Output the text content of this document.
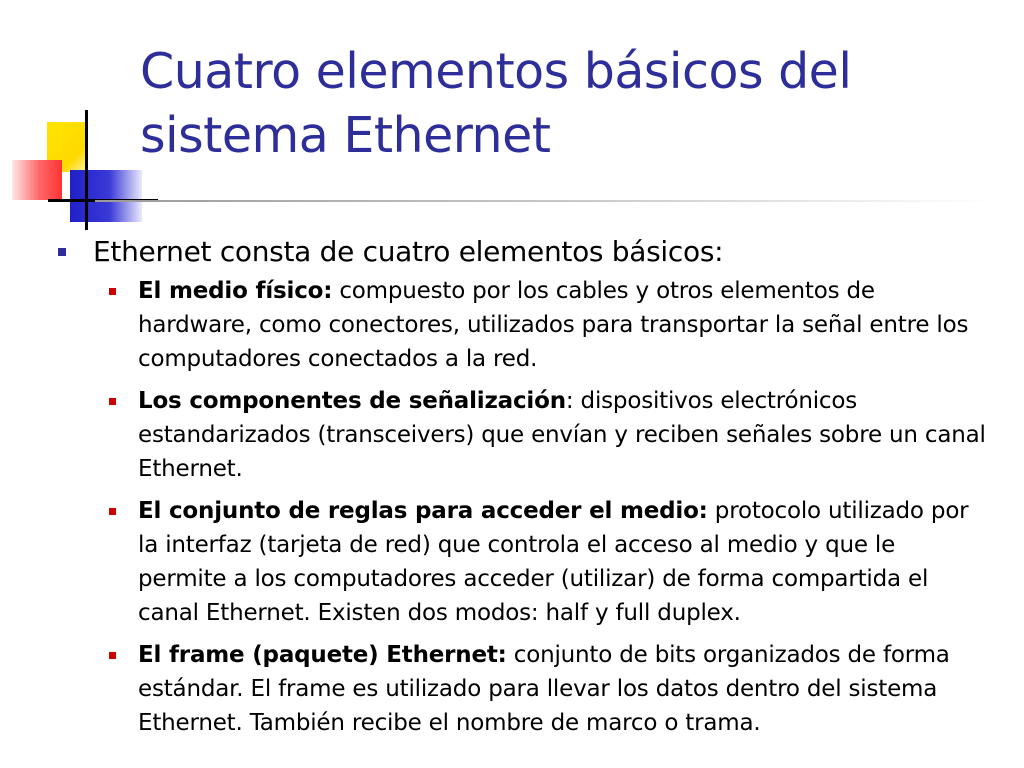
Cuatro elementos básicos del sistema Ethernet
Ethernet consta de cuatro elementos básicos:
El medio físico: compuesto por los cables y otros elementos de hardware, como conectores, utilizados para transportar la señal entre los computadores conectados a la red.
Los componentes de señalización: dispositivos electrónicos estandarizados (transceivers) que envían y reciben señales sobre un canal Ethernet.
El conjunto de reglas para acceder el medio: protocolo utilizado por la interfaz (tarjeta de red) que controla el acceso al medio y que le permite a los computadores acceder (utilizar) de forma compartida el canal Ethernet. Existen dos modos: half y full duplex.
El frame (paquete) Ethernet: conjunto de bits organizados de forma estándar. El frame es utilizado para llevar los datos dentro del sistema Ethernet. También recibe el nombre de marco o trama.
